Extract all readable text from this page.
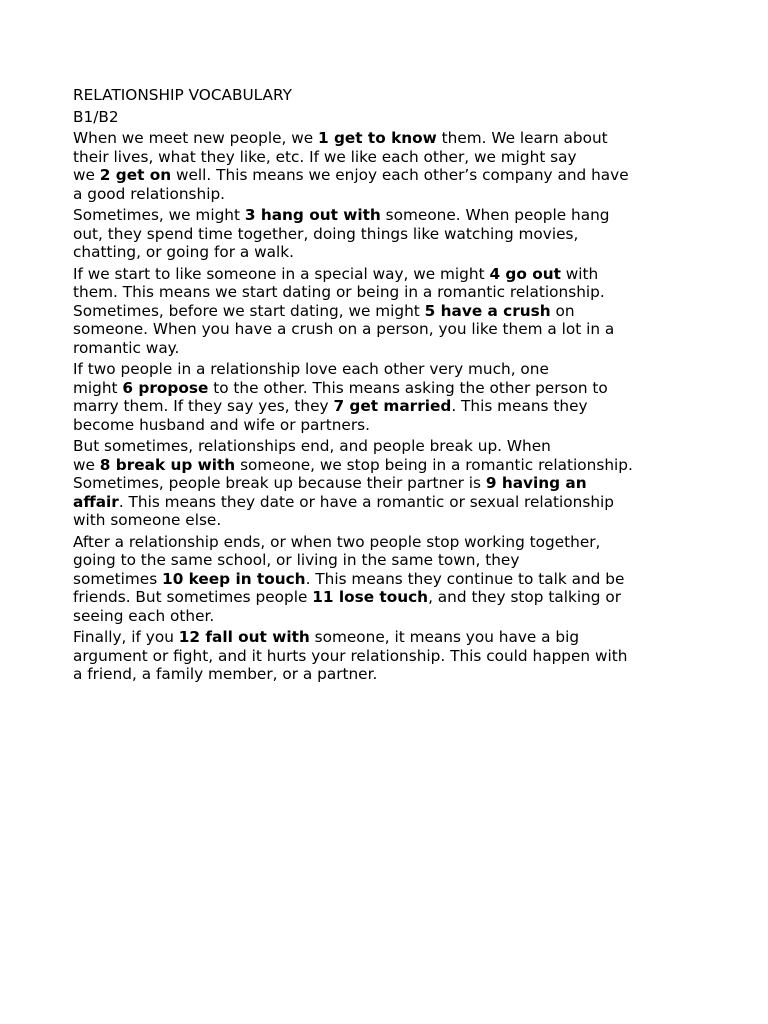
RELATIONSHIP VOCABULARY
B1/B2
When we meet new people, we 1 get to know them. We learn about
their lives, what they like, etc. If we like each other, we might say
we 2 get on well. This means we enjoy each other’s company and have
a good relationship.
Sometimes, we might 3 hang out with someone. When people hang
out, they spend time together, doing things like watching movies,
chatting, or going for a walk.
If we start to like someone in a special way, we might 4 go out with
them. This means we start dating or being in a romantic relationship.
Sometimes, before we start dating, we might 5 have a crush on
someone. When you have a crush on a person, you like them a lot in a
romantic way.
If two people in a relationship love each other very much, one
might 6 propose to the other. This means asking the other person to
marry them. If they say yes, they 7 get married. This means they
become husband and wife or partners.
But sometimes, relationships end, and people break up. When
we 8 break up with someone, we stop being in a romantic relationship.
Sometimes, people break up because their partner is 9 having an
affair. This means they date or have a romantic or sexual relationship
with someone else.
After a relationship ends, or when two people stop working together,
going to the same school, or living in the same town, they
sometimes 10 keep in touch. This means they continue to talk and be
friends. But sometimes people 11 lose touch, and they stop talking or
seeing each other.
Finally, if you 12 fall out with someone, it means you have a big
argument or fight, and it hurts your relationship. This could happen with
a friend, a family member, or a partner.
